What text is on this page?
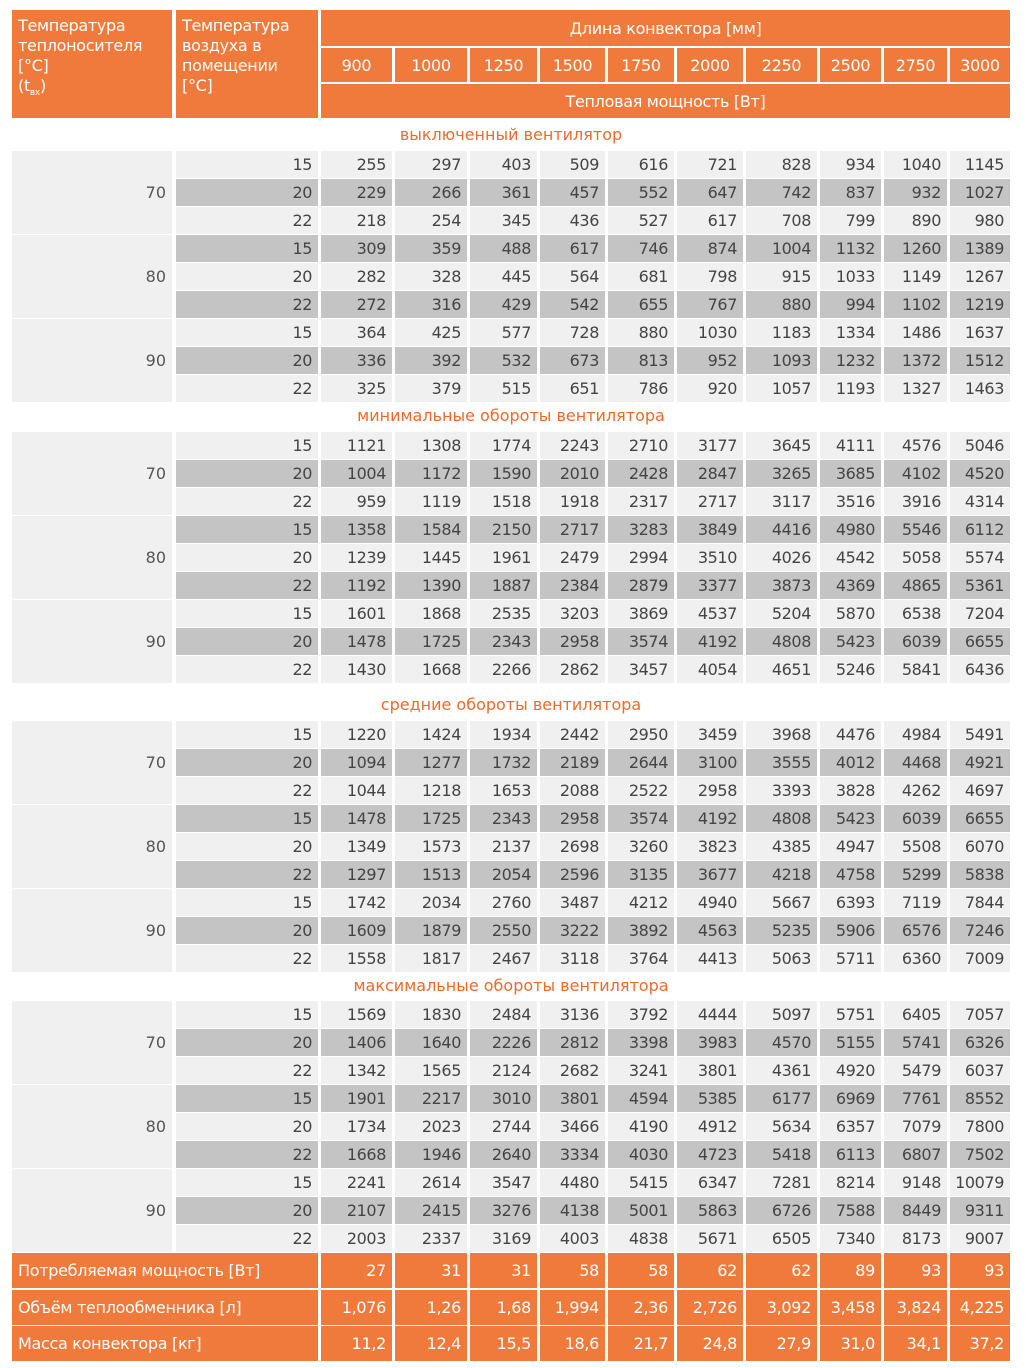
Температура
теплоносителя
[°C]
$(t_{вх})$
Температура
воздуха в
помещении
[°C]
Длина конвектора [мм]
Тепловая мощность [Вт]
900 1000 1250 1500 1750 2000 2250 2500 2750 3000
выключенный вентилятор
70
15	255	297	403 509 616 721	828 934 1040 1145
20	229	266	361 457 552 647	742 837 932 1027
22	218	254	345 436 527 617	708 799 890 980
80
15	309	359	488 617 746 874 1004 1132 1260 1389
20	282	328	445 564 681 798	915 1033 1149 1267
22	272	316	429 542 655 767	880 994 1102 1219
90
15	364	425	577 728 880 1030 1183 1334 1486 1637
20	336	392	532 673 813 952 1093 1232 1372 1512
22	325	379	515 651 786 920 1057 1193 1327 1463
минимальные обороты вентилятора
70
15 1121 1308 1774 2243 2710 3177 3645 4111 4576 5046
20 1004 1172 1590 2010 2428 2847 3265 3685 4102 4520
22	959 1119 1518 1918 2317 2717 3117 3516 3916 4314
80
15 1358 1584 2150 2717 3283 3849 4416 4980 5546 6112
20 1239 1445 1961 2479 2994 3510 4026 4542 5058 5574
22 1192 1390 1887 2384 2879 3377 3873 4369 4865 5361
90
15 1601 1868 2535 3203 3869 4537 5204 5870 6538 7204
20 1478 1725 2343 2958 3574 4192 4808 5423 6039 6655
22 1430 1668 2266 2862 3457 4054 4651 5246 5841 6436
средние обороты вентилятора
70
15 1220 1424 1934 2442 2950 3459 3968 4476 4984 5491
20 1094 1277 1732 2189 2644 3100 3555 4012 4468 4921
22 1044 1218 1653 2088 2522 2958 3393 3828 4262 4697
80
15 1478 1725 2343 2958 3574 4192 4808 5423 6039 6655
20 1349 1573 2137 2698 3260 3823 4385 4947 5508 6070
22 1297 1513 2054 2596 3135 3677 4218 4758 5299 5838
90
15 1742 2034 2760 3487 4212 4940 5667 6393 7119 7844
20 1609 1879 2550 3222 3892 4563 5235 5906 6576 7246
22 1558 1817 2467 3118 3764 4413 5063 5711 6360 7009
максимальные обороты вентилятора
70
15 1569 1830 2484 3136 3792 4444 5097 5751 6405 7057
20 1406 1640 2226 2812 3398 3983 4570 5155 5741 6326
22 1342 1565 2124 2682 3241 3801 4361 4920 5479 6037
80
15 1901 2217 3010 3801 4594 5385 6177 6969 7761 8552
20 1734 2023 2744 3466 4190 4912 5634 6357 7079 7800
22 1668 1946 2640 3334 4030 4723 5418 6113 6807 7502
90
15 2241 2614 3547 4480 5415 6347 7281 8214 9148 10079
20 2107 2415 3276 4138 5001 5863 6726 7588 8449 9311
22 2003 2337 3169 4003 4838 5671 6505 7340 8173 9007
Потребляемая мощность [Вт]	27	31	31	58	58	62	62	89	93	93
Объём теплообменника [л]	1,076	1,26 1,68 1,994 2,36 2,726 3,092 3,458 3,824 4,225
Масса конвектора [кг]	11,2	12,4 15,5 18,6 21,7 24,8 27,9 31,0 34,1 37,2
